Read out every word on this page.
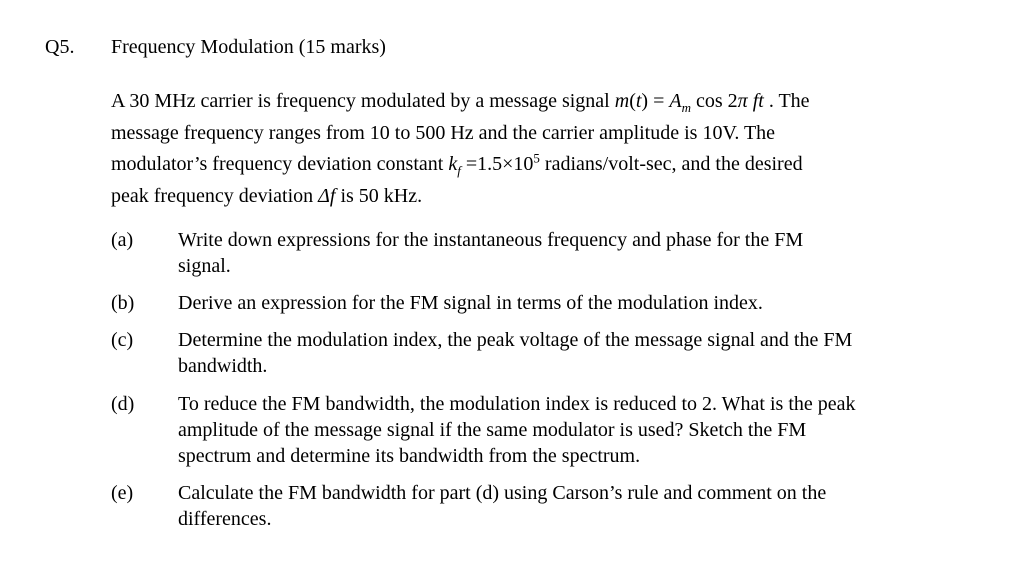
Q5. Frequency Modulation (15 marks)
A 30 MHz carrier is frequency modulated by a message signal $m(t) = A_m$ cos 2π ft . The
message frequency ranges from 10 to 500 Hz and the carrier amplitude is 10V. The
modulator’s frequency deviation constant $k_f =1.5\times 10^5$ radians/volt-sec, and the desired
peak frequency deviation Δf is 50 kHz.
(a) Write down expressions for the instantaneous frequency and phase for the FM
signal.
(b) Derive an expression for the FM signal in terms of the modulation index.
(c) Determine the modulation index, the peak voltage of the message signal and the FM
bandwidth.
(d) To reduce the FM bandwidth, the modulation index is reduced to 2. What is the peak
amplitude of the message signal if the same modulator is used? Sketch the FM
spectrum and determine its bandwidth from the spectrum.
(e) Calculate the FM bandwidth for part (d) using Carson’s rule and comment on the
differences.
